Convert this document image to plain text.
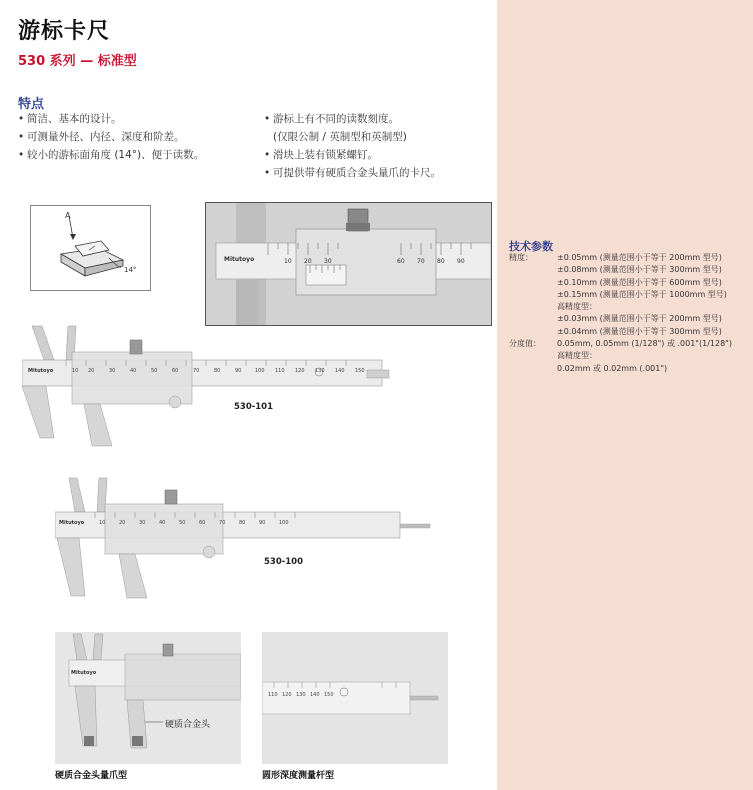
游标卡尺
530 系列 — 标准型
特点
• 简洁、基本的设计。
• 可测量外径、内径、深度和阶差。
• 较小的游标面角度 (14°)、便于读数。
• 游标上有不同的读数刻度。
(仅限公制 / 英制型和英制型)
• 滑块上装有锁紧螺钉。
• 可提供带有硬质合金头量爪的卡尺。
A
14°
10 20 30	60 70 80 90
Mitutoyo
技术参数
精度：	±0.05mm (测量范围小于等于 200mm 型号)
±0.08mm (测量范围小于等于 300mm 型号)
±0.10mm (测量范围小于等于 600mm 型号)
±0.15mm (测量范围小于等于 1000mm 型号)
高精度型：
±0.03mm (测量范围小于等于 200mm 型号)
±0.04mm (测量范围小于等于 300mm 型号)
分度值：	0.05mm, 0.05mm (1/128") 或 .001"(1/128")
高精度型：
0.02mm 或 0.02mm (.001")
10 20	30	40	50	60	70	80	90	100 110 120 130 140 150
Mitutoyo
530-101
10	20	30	40	50	60	70	80	90	100
Mitutoyo
530-100
Mitutoyo
硬质合金头
硬质合金头量爪型
110 120 130 140 150
圆形深度测量杆型
